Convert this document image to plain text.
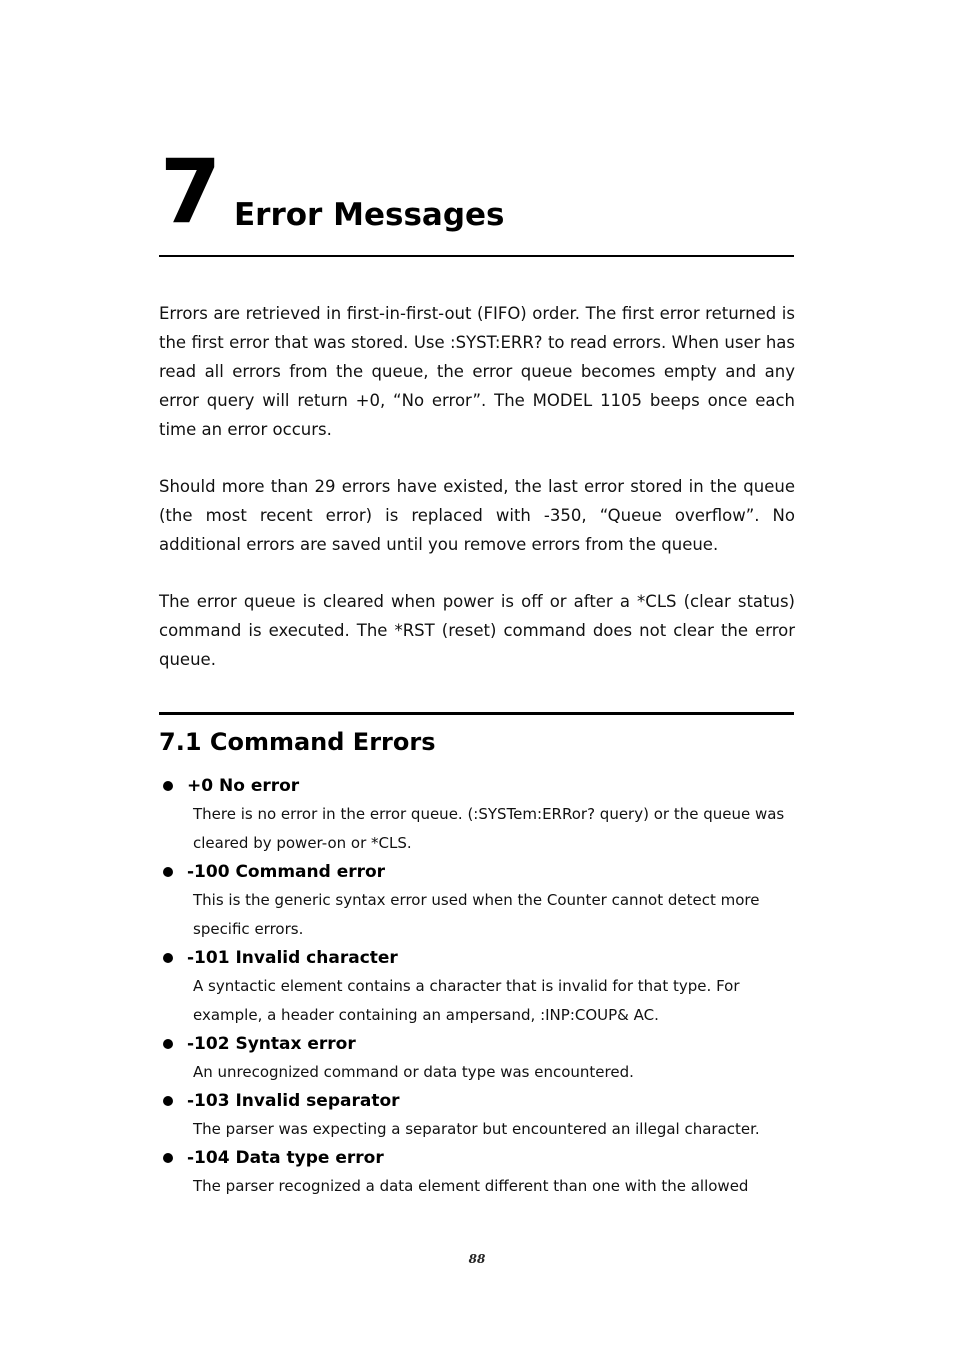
7 Error Messages

Errors are retrieved in first-in-first-out (FIFO) order. The first error returned is the first error that was stored. Use :SYST:ERR? to read errors. When user has read all errors from the queue, the error queue becomes empty and any error query will return +0, “No error”. The MODEL 1105 beeps once each time an error occurs.

Should more than 29 errors have existed, the last error stored in the queue (the most recent error) is replaced with -350, “Queue overflow”. No additional errors are saved until you remove errors from the queue.

The error queue is cleared when power is off or after a *CLS (clear status) command is executed. The *RST (reset) command does not clear the error queue.

7.1 Command Errors
+0 No error
There is no error in the error queue. (:SYSTem:ERRor? query) or the queue was cleared by power-on or *CLS.
-100 Command error
This is the generic syntax error used when the Counter cannot detect more specific errors.
-101 Invalid character
A syntactic element contains a character that is invalid for that type. For example, a header containing an ampersand, :INP:COUP& AC.
-102 Syntax error
An unrecognized command or data type was encountered.
-103 Invalid separator
The parser was expecting a separator but encountered an illegal character.
-104 Data type error
The parser recognized a data element different than one with the allowed
88
